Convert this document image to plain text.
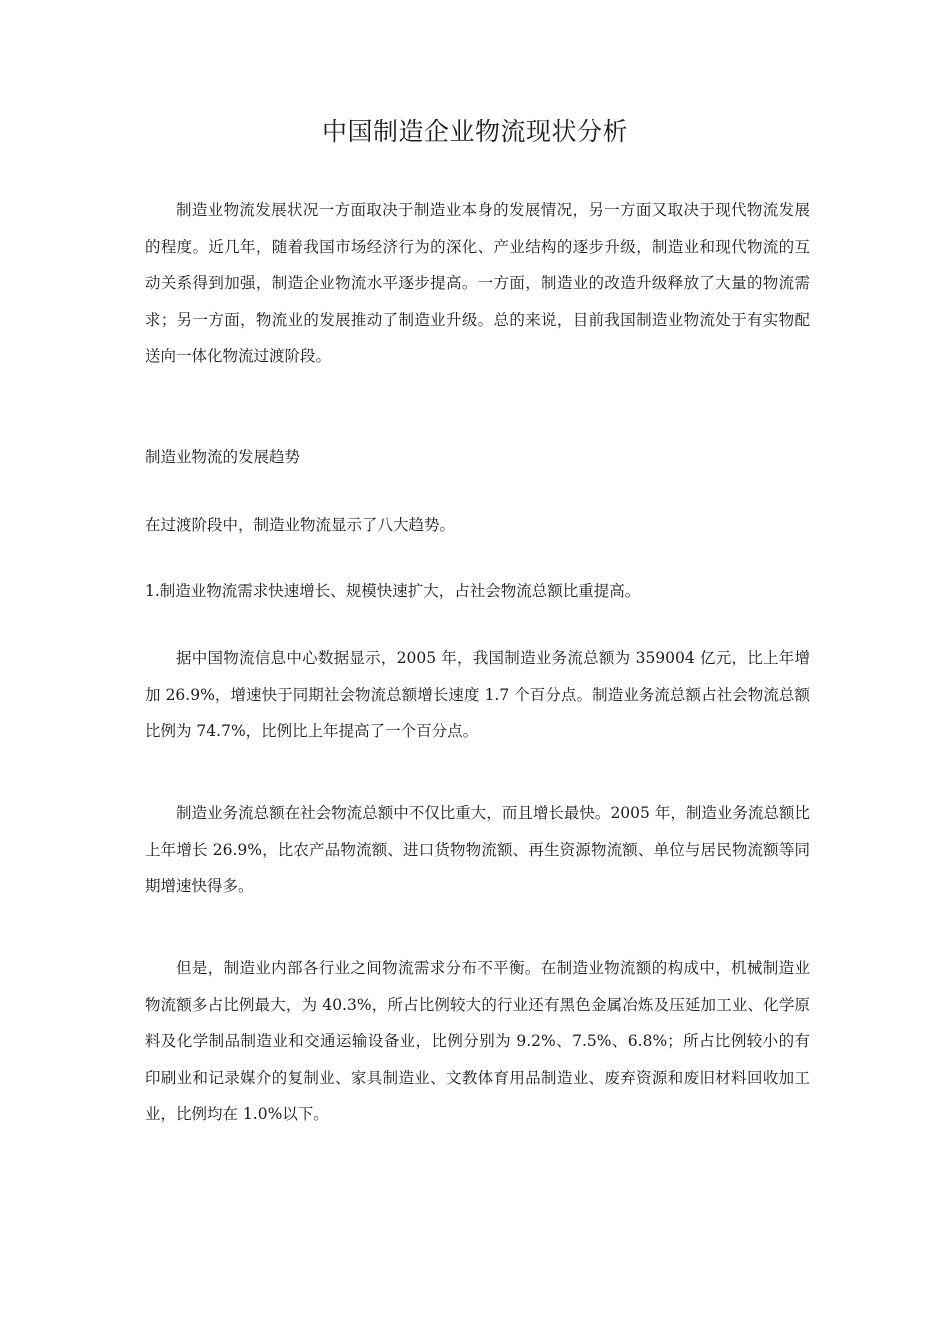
中国制造企业物流现状分析

制造业物流发展状况一方面取决于制造业本身的发展情况，另一方面又取决于现代物流发展的程度。近几年，随着我国市场经济行为的深化、产业结构的逐步升级，制造业和现代物流的互动关系得到加强，制造企业物流水平逐步提高。一方面，制造业的改造升级释放了大量的物流需求；另一方面，物流业的发展推动了制造业升级。总的来说，目前我国制造业物流处于有实物配送向一体化物流过渡阶段。

制造业物流的发展趋势

在过渡阶段中，制造业物流显示了八大趋势。

1.制造业物流需求快速增长、规模快速扩大，占社会物流总额比重提高。

据中国物流信息中心数据显示，2005 年，我国制造业务流总额为 359004 亿元，比上年增加 26.9%，增速快于同期社会物流总额增长速度 1.7 个百分点。制造业务流总额占社会物流总额比例为 74.7%，比例比上年提高了一个百分点。

制造业务流总额在社会物流总额中不仅比重大，而且增长最快。2005 年，制造业务流总额比上年增长 26.9%，比农产品物流额、进口货物物流额、再生资源物流额、单位与居民物流额等同期增速快得多。

但是，制造业内部各行业之间物流需求分布不平衡。在制造业物流额的构成中，机械制造业物流额多占比例最大，为 40.3%，所占比例较大的行业还有黑色金属冶炼及压延加工业、化学原料及化学制品制造业和交通运输设备业，比例分别为 9.2%、7.5%、6.8%；所占比例较小的有印刷业和记录媒介的复制业、家具制造业、文教体育用品制造业、废弃资源和废旧材料回收加工业，比例均在 1.0%以下。
